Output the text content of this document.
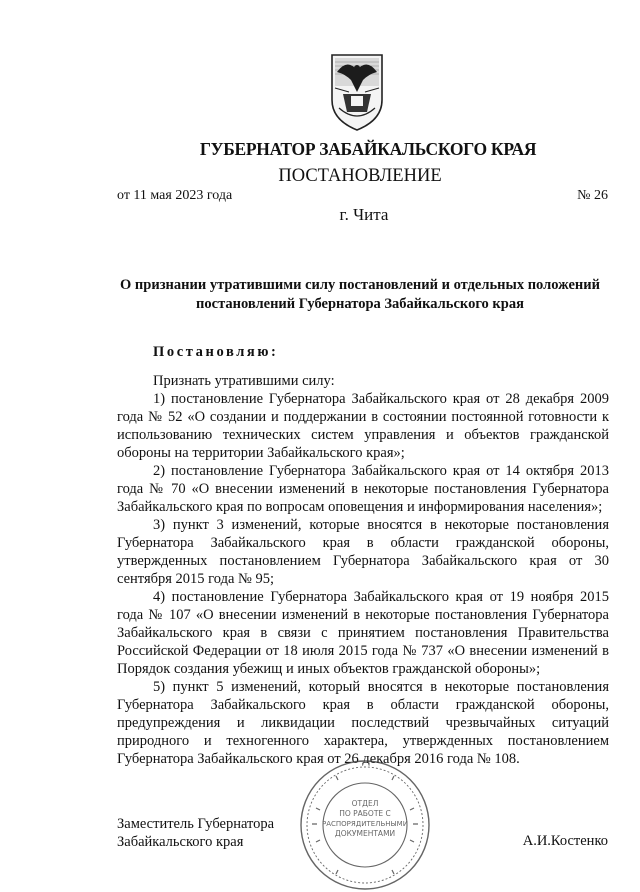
ГУБЕРНАТОР ЗАБАЙКАЛЬСКОГО КРАЯ
ПОСТАНОВЛЕНИЕ
от 11 мая 2023 года	№ 26
г. Чита
О признании утратившими силу постановлений и отдельных положений постановлений Губернатора Забайкальского края
Постановляю:

Признать утратившими силу:

1) постановление Губернатора Забайкальского края от 28 декабря 2009 года № 52 «О создании и поддержании в состоянии постоянной готовности к использованию технических систем управления и объектов гражданской обороны на территории Забайкальского края»;

2) постановление Губернатора Забайкальского края от 14 октября 2013 года № 70 «О внесении изменений в некоторые постановления Губернатора Забайкальского края по вопросам оповещения и информирования населения»;

3) пункт 3 изменений, которые вносятся в некоторые постановления Губернатора Забайкальского края в области гражданской обороны, утвержденных постановлением Губернатора Забайкальского края от 30 сентября 2015 года № 95;

4) постановление Губернатора Забайкальского края от 19 ноября 2015 года № 107 «О внесении изменений в некоторые постановления Губернатора Забайкальского края в связи с принятием постановления Правительства Российской Федерации от 18 июля 2015 года № 737 «О внесении изменений в Порядок создания убежищ и иных объектов гражданской обороны»;

5) пункт 5 изменений, который вносятся в некоторые постановления Губернатора Забайкальского края в области гражданской обороны, предупреждения и ликвидации последствий чрезвычайных ситуаций природного и техногенного характера, утвержденных постановлением Губернатора Забайкальского края от 26 декабря 2016 года № 108.

Заместитель Губернатора
Забайкальского края	А.И.Костенко
ОТДЕЛ
ПО РАБОТЕ С
РАСПОРЯДИТЕЛЬНЫМИ
ДОКУМЕНТАМИ
